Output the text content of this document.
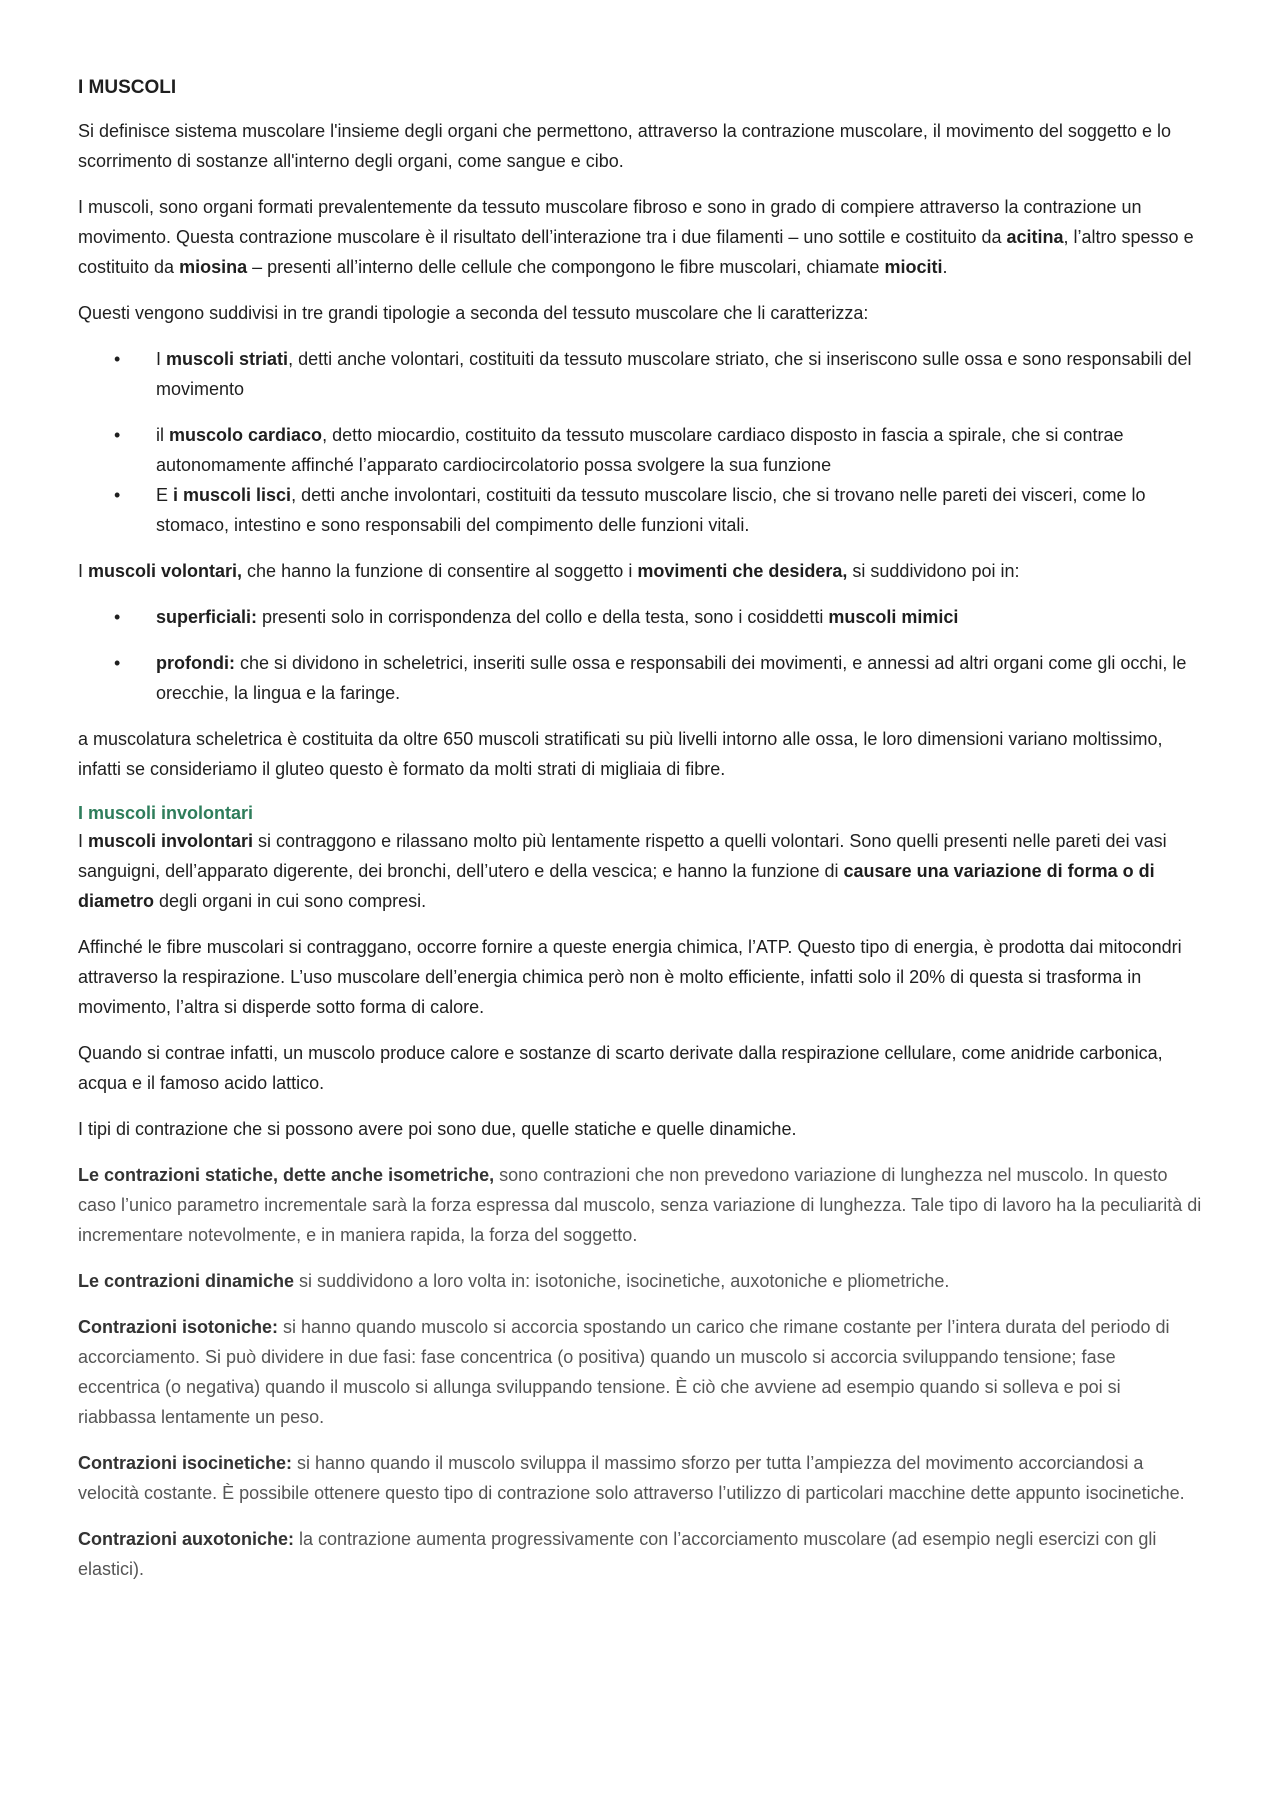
I MUSCOLI

Si definisce sistema muscolare l'insieme degli organi che permettono, attraverso la contrazione muscolare, il movimento del soggetto e lo scorrimento di sostanze all'interno degli organi, come sangue e cibo.

I muscoli, sono organi formati prevalentemente da tessuto muscolare fibroso e sono in grado di compiere attraverso la contrazione un movimento. Questa contrazione muscolare è il risultato dell’interazione tra i due filamenti – uno sottile e costituito da acitina, l’altro spesso e costituito da miosina – presenti all’interno delle cellule che compongono le fibre muscolari, chiamate miociti.

Questi vengono suddivisi in tre grandi tipologie a seconda del tessuto muscolare che li caratterizza:

• I muscoli striati, detti anche volontari, costituiti da tessuto muscolare striato, che si inseriscono sulle ossa e sono responsabili del movimento
• il muscolo cardiaco, detto miocardio, costituito da tessuto muscolare cardiaco disposto in fascia a spirale, che si contrae autonomamente affinché l’apparato cardiocircolatorio possa svolgere la sua funzione
• E i muscoli lisci, detti anche involontari, costituiti da tessuto muscolare liscio, che si trovano nelle pareti dei visceri, come lo stomaco, intestino e sono responsabili del compimento delle funzioni vitali.

I muscoli volontari, che hanno la funzione di consentire al soggetto i movimenti che desidera, si suddividono poi in:

• superficiali: presenti solo in corrispondenza del collo e della testa, sono i cosiddetti muscoli mimici
• profondi: che si dividono in scheletrici, inseriti sulle ossa e responsabili dei movimenti, e annessi ad altri organi come gli occhi, le orecchie, la lingua e la faringe.

a muscolatura scheletrica è costituita da oltre 650 muscoli stratificati su più livelli intorno alle ossa, le loro dimensioni variano moltissimo, infatti se consideriamo il gluteo questo è formato da molti strati di migliaia di fibre.

I muscoli involontari

I muscoli involontari si contraggono e rilassano molto più lentamente rispetto a quelli volontari. Sono quelli presenti nelle pareti dei vasi sanguigni, dell’apparato digerente, dei bronchi, dell’utero e della vescica; e hanno la funzione di causare una variazione di forma o di diametro degli organi in cui sono compresi.

Affinché le fibre muscolari si contraggano, occorre fornire a queste energia chimica, l’ATP. Questo tipo di energia, è prodotta dai mitocondri attraverso la respirazione. L’uso muscolare dell’energia chimica però non è molto efficiente, infatti solo il 20% di questa si trasforma in movimento, l’altra si disperde sotto forma di calore.

Quando si contrae infatti, un muscolo produce calore e sostanze di scarto derivate dalla respirazione cellulare, come anidride carbonica, acqua e il famoso acido lattico.

I tipi di contrazione che si possono avere poi sono due, quelle statiche e quelle dinamiche.

Le contrazioni statiche, dette anche isometriche, sono contrazioni che non prevedono variazione di lunghezza nel muscolo. In questo caso l’unico parametro incrementale sarà la forza espressa dal muscolo, senza variazione di lunghezza. Tale tipo di lavoro ha la peculiarità di incrementare notevolmente, e in maniera rapida, la forza del soggetto.

Le contrazioni dinamiche si suddividono a loro volta in: isotoniche, isocinetiche, auxotoniche e pliometriche.

Contrazioni isotoniche: si hanno quando muscolo si accorcia spostando un carico che rimane costante per l’intera durata del periodo di accorciamento. Si può dividere in due fasi: fase concentrica (o positiva) quando un muscolo si accorcia sviluppando tensione; fase eccentrica (o negativa) quando il muscolo si allunga sviluppando tensione. È ciò che avviene ad esempio quando si solleva e poi si riabbassa lentamente un peso.

Contrazioni isocinetiche: si hanno quando il muscolo sviluppa il massimo sforzo per tutta l’ampiezza del movimento accorciandosi a velocità costante. È possibile ottenere questo tipo di contrazione solo attraverso l’utilizzo di particolari macchine dette appunto isocinetiche.

Contrazioni auxotoniche: la contrazione aumenta progressivamente con l’accorciamento muscolare (ad esempio negli esercizi con gli elastici).
